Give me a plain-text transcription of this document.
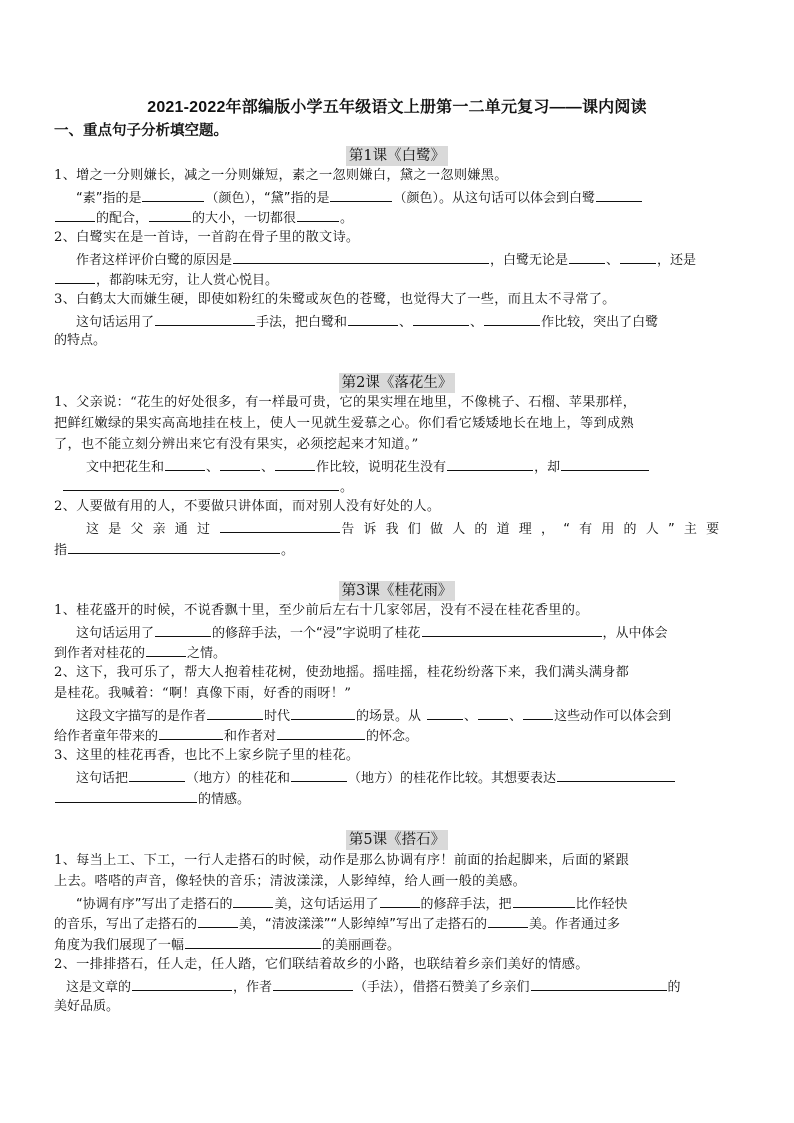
2021-2022年部编版小学五年级语文上册第一二单元复习——课内阅读
一、重点句子分析填空题。
第1课《白鹭》
1、增之一分则嫌长，减之一分则嫌短，素之一忽则嫌白，黛之一忽则嫌黑。
“素”指的是	（颜色），“黛”指的是	（颜色）。从这句话可以体会到白鹭
的配合，	的大小，一切都很	。
2、白鹭实在是一首诗，一首韵在骨子里的散文诗。
作者这样评价白鹭的原因是	，白鹭无论是	、	，还是
，都韵味无穷，让人赏心悦目。
3、白鹤太大而嫌生硬，即使如粉红的朱鹭或灰色的苍鹭，也觉得大了一些，而且太不寻常了。
这句话运用了	手法，把白鹭和	、	、	作比较，突出了白鹭
的特点。
第2课《落花生》
1、父亲说：“花生的好处很多，有一样最可贵，它的果实埋在地里，不像桃子、石榴、苹果那样，
把鲜红嫩绿的果实高高地挂在枝上，使人一见就生爱慕之心。你们看它矮矮地长在地上，等到成熟
了，也不能立刻分辨出来它有没有果实，必须挖起来才知道。”
文中把花生和	、	、	作比较，说明花生没有	，却
。
2、人要做有用的人，不要做只讲体面，而对别人没有好处的人。
这是父亲通过	告诉我们做人的道理，“有用的人”主要
指	。
第3课《桂花雨》
1、桂花盛开的时候，不说香飘十里，至少前后左右十几家邻居，没有不浸在桂花香里的。
这句话运用了	的修辞手法，一个“浸”字说明了桂花	，从中体会
到作者对桂花的	之情。
2、这下，我可乐了，帮大人抱着桂花树，使劲地摇。摇哇摇，桂花纷纷落下来，我们满头满身都
是桂花。我喊着：“啊！真像下雨，好香的雨呀！”
这段文字描写的是作者	时代	的场景。从	、 、 这些动作可以体会到
给作者童年带来的	和作者对	的怀念。
3、这里的桂花再香，也比不上家乡院子里的桂花。
这句话把	（地方）的桂花和	（地方）的桂花作比较。其想要表达
的情感。
第5课《搭石》
1、每当上工、下工，一行人走搭石的时候，动作是那么协调有序！前面的抬起脚来，后面的紧跟
上去。嗒嗒的声音，像轻快的音乐；清波漾漾，人影绰绰，给人画一般的美感。
“协调有序”写出了走搭石的	美，这句话运用了	的修辞手法，把	比作轻快
的音乐，写出了走搭石的	美，“清波漾漾”“人影绰绰”写出了走搭石的	美。作者通过多
角度为我们展现了一幅	的美丽画卷。
2、一排排搭石，任人走，任人踏，它们联结着故乡的小路，也联结着乡亲们美好的情感。
这是文章的	，作者	（手法），借搭石赞美了乡亲们	的
美好品质。
